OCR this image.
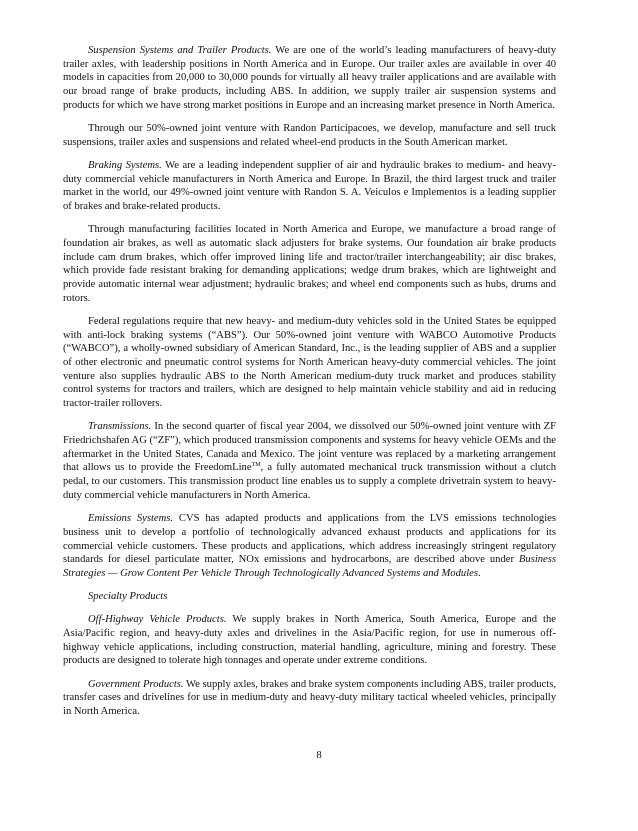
Suspension Systems and Trailer Products. We are one of the world’s leading manufacturers of heavy-duty trailer axles, with leadership positions in North America and in Europe. Our trailer axles are available in over 40 models in capacities from 20,000 to 30,000 pounds for virtually all heavy trailer applications and are available with our broad range of brake products, including ABS. In addition, we supply trailer air suspension systems and products for which we have strong market positions in Europe and an increasing market presence in North America.

Through our 50%-owned joint venture with Randon Participacoes, we develop, manufacture and sell truck suspensions, trailer axles and suspensions and related wheel-end products in the South American market.

Braking Systems. We are a leading independent supplier of air and hydraulic brakes to medium- and heavy-duty commercial vehicle manufacturers in North America and Europe. In Brazil, the third largest truck and trailer market in the world, our 49%-owned joint venture with Randon S. A. Veiculos e Implementos is a leading supplier of brakes and brake-related products.

Through manufacturing facilities located in North America and Europe, we manufacture a broad range of foundation air brakes, as well as automatic slack adjusters for brake systems. Our foundation air brake products include cam drum brakes, which offer improved lining life and tractor/trailer interchangeability; air disc brakes, which provide fade resistant braking for demanding applications; wedge drum brakes, which are lightweight and provide automatic internal wear adjustment; hydraulic brakes; and wheel end components such as hubs, drums and rotors.

Federal regulations require that new heavy- and medium-duty vehicles sold in the United States be equipped with anti-lock braking systems (“ABS”). Our 50%-owned joint venture with WABCO Automotive Products (“WABCO”), a wholly-owned subsidiary of American Standard, Inc., is the leading supplier of ABS and a supplier of other electronic and pneumatic control systems for North American heavy-duty commercial vehicles. The joint venture also supplies hydraulic ABS to the North American medium-duty truck market and produces stability control systems for tractors and trailers, which are designed to help maintain vehicle stability and aid in reducing tractor-trailer rollovers.

Transmissions. In the second quarter of fiscal year 2004, we dissolved our 50%-owned joint venture with ZF Friedrichshafen AG (“ZF”), which produced transmission components and systems for heavy vehicle OEMs and the aftermarket in the United States, Canada and Mexico. The joint venture was replaced by a marketing arrangement that allows us to provide the FreedomLine™, a fully automated mechanical truck transmission without a clutch pedal, to our customers. This transmission product line enables us to supply a complete drivetrain system to heavy-duty commercial vehicle manufacturers in North America.

Emissions Systems. CVS has adapted products and applications from the LVS emissions technologies business unit to develop a portfolio of technologically advanced exhaust products and applications for its commercial vehicle customers. These products and applications, which address increasingly stringent regulatory standards for diesel particulate matter, NOx emissions and hydrocarbons, are described above under Business Strategies — Grow Content Per Vehicle Through Technologically Advanced Systems and Modules.

Specialty Products

Off-Highway Vehicle Products. We supply brakes in North America, South America, Europe and the Asia/Pacific region, and heavy-duty axles and drivelines in the Asia/Pacific region, for use in numerous off-highway vehicle applications, including construction, material handling, agriculture, mining and forestry. These products are designed to tolerate high tonnages and operate under extreme conditions.

Government Products. We supply axles, brakes and brake system components including ABS, trailer products, transfer cases and drivelines for use in medium-duty and heavy-duty military tactical wheeled vehicles, principally in North America.

8
